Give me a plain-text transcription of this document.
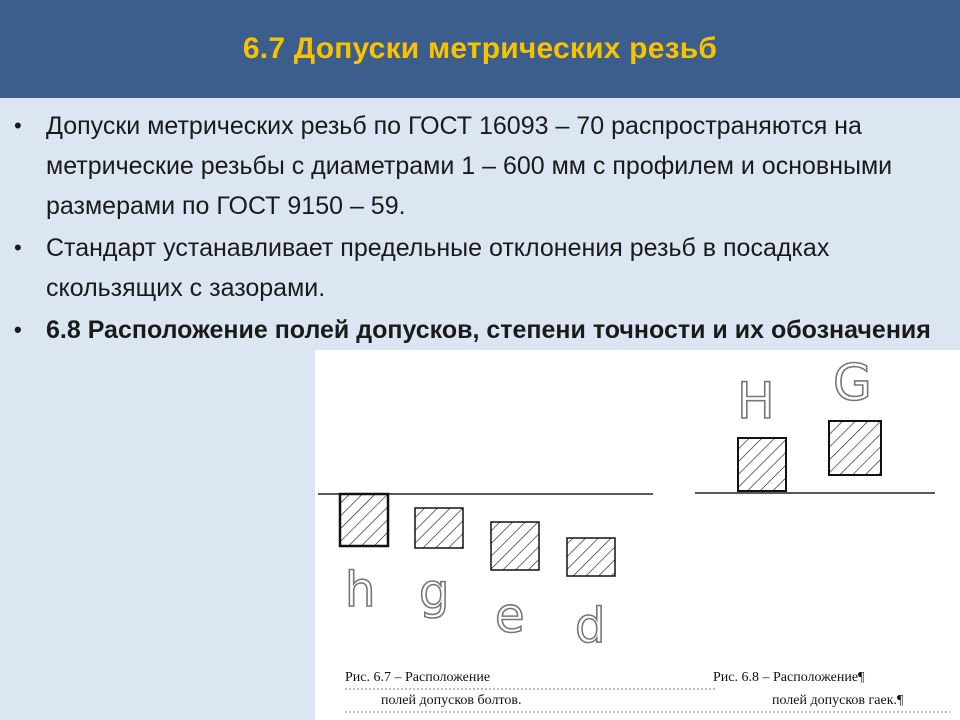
6.7 Допуски метрических резьб
• Допуски метрических резьб по ГОСТ 16093 – 70 распространяются на метрические резьбы с диаметрами 1 – 600 мм с профилем и основными размерами по ГОСТ 9150 – 59.
• Стандарт устанавливает предельные отклонения резьб в посадках скользящих с зазорами.
• 6.8 Расположение полей допусков, степени точности и их обозначения
h g e d
H G
Рис. 6.7 – Расположение
полей допусков болтов.
Рис. 6.8 – Расположение¶
полей допусков гаек.¶
